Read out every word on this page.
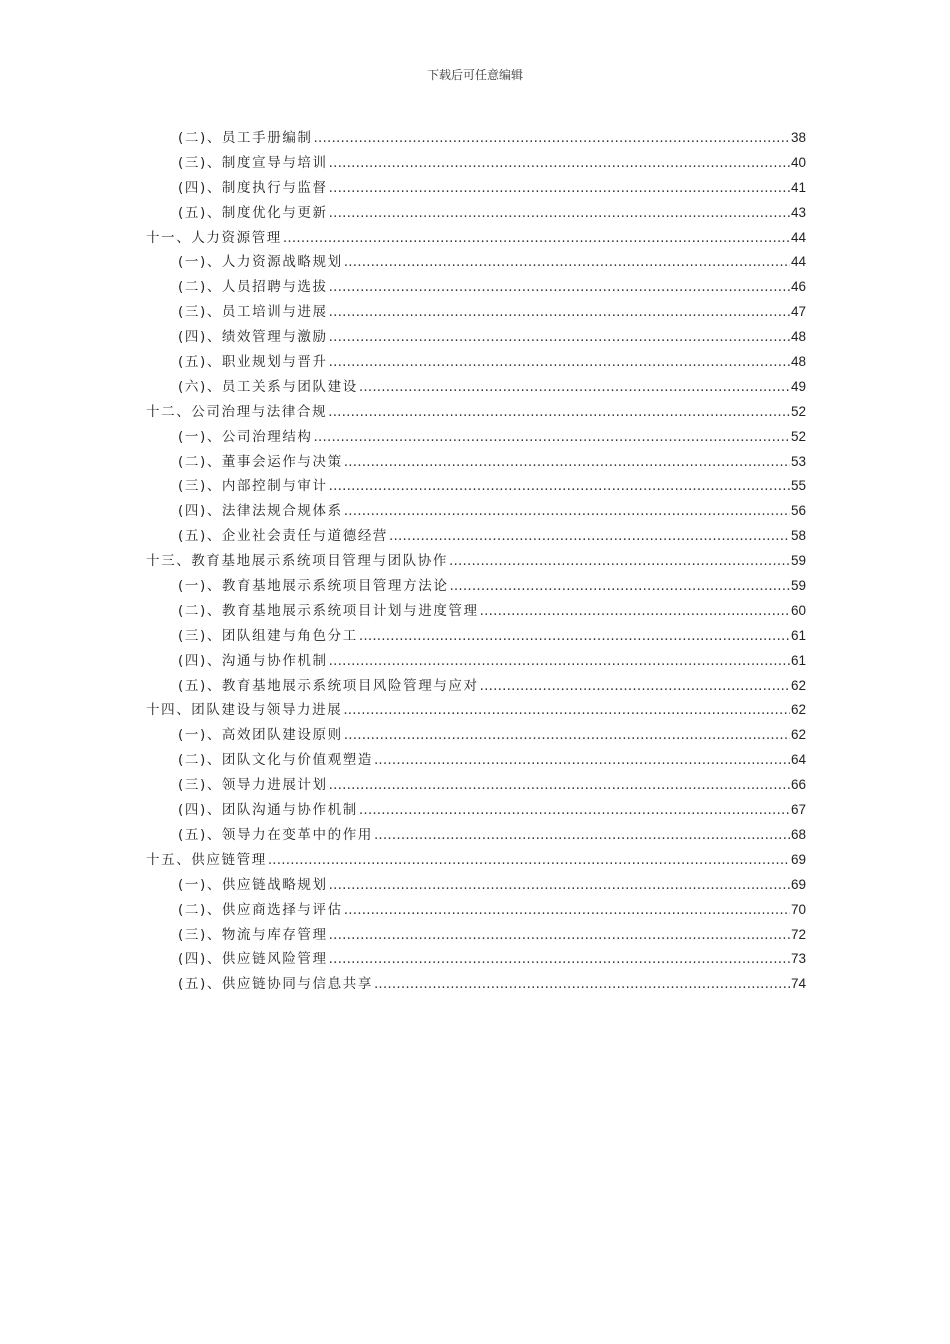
下载后可任意编辑
(二)、员工手册编制 .....	38
(三)、制度宣导与培训 .....	40
(四)、制度执行与监督 .....	41
(五)、制度优化与更新 .....	43
十一、人力资源管理 .....	44
(一)、人力资源战略规划 .....	44
(二)、人员招聘与选拔 .....	46
(三)、员工培训与进展 .....	47
(四)、绩效管理与激励 .....	48
(五)、职业规划与晋升 .....	48
(六)、员工关系与团队建设 .....	49
十二、公司治理与法律合规 .....	52
(一)、公司治理结构 .....	52
(二)、董事会运作与决策 .....	53
(三)、内部控制与审计 .....	55
(四)、法律法规合规体系 .....	56
(五)、企业社会责任与道德经营 .....	58
十三、教育基地展示系统项目管理与团队协作 .....	59
(一)、教育基地展示系统项目管理方法论 .....	59
(二)、教育基地展示系统项目计划与进度管理 .....	60
(三)、团队组建与角色分工 .....	61
(四)、沟通与协作机制 .....	61
(五)、教育基地展示系统项目风险管理与应对 .....	62
十四、团队建设与领导力进展 .....	62
(一)、高效团队建设原则 .....	62
(二)、团队文化与价值观塑造 .....	64
(三)、领导力进展计划 .....	66
(四)、团队沟通与协作机制 .....	67
(五)、领导力在变革中的作用 .....	68
十五、供应链管理 .....	69
(一)、供应链战略规划 .....	69
(二)、供应商选择与评估 .....	70
(三)、物流与库存管理 .....	72
(四)、供应链风险管理 .....	73
(五)、供应链协同与信息共享 .....	74
